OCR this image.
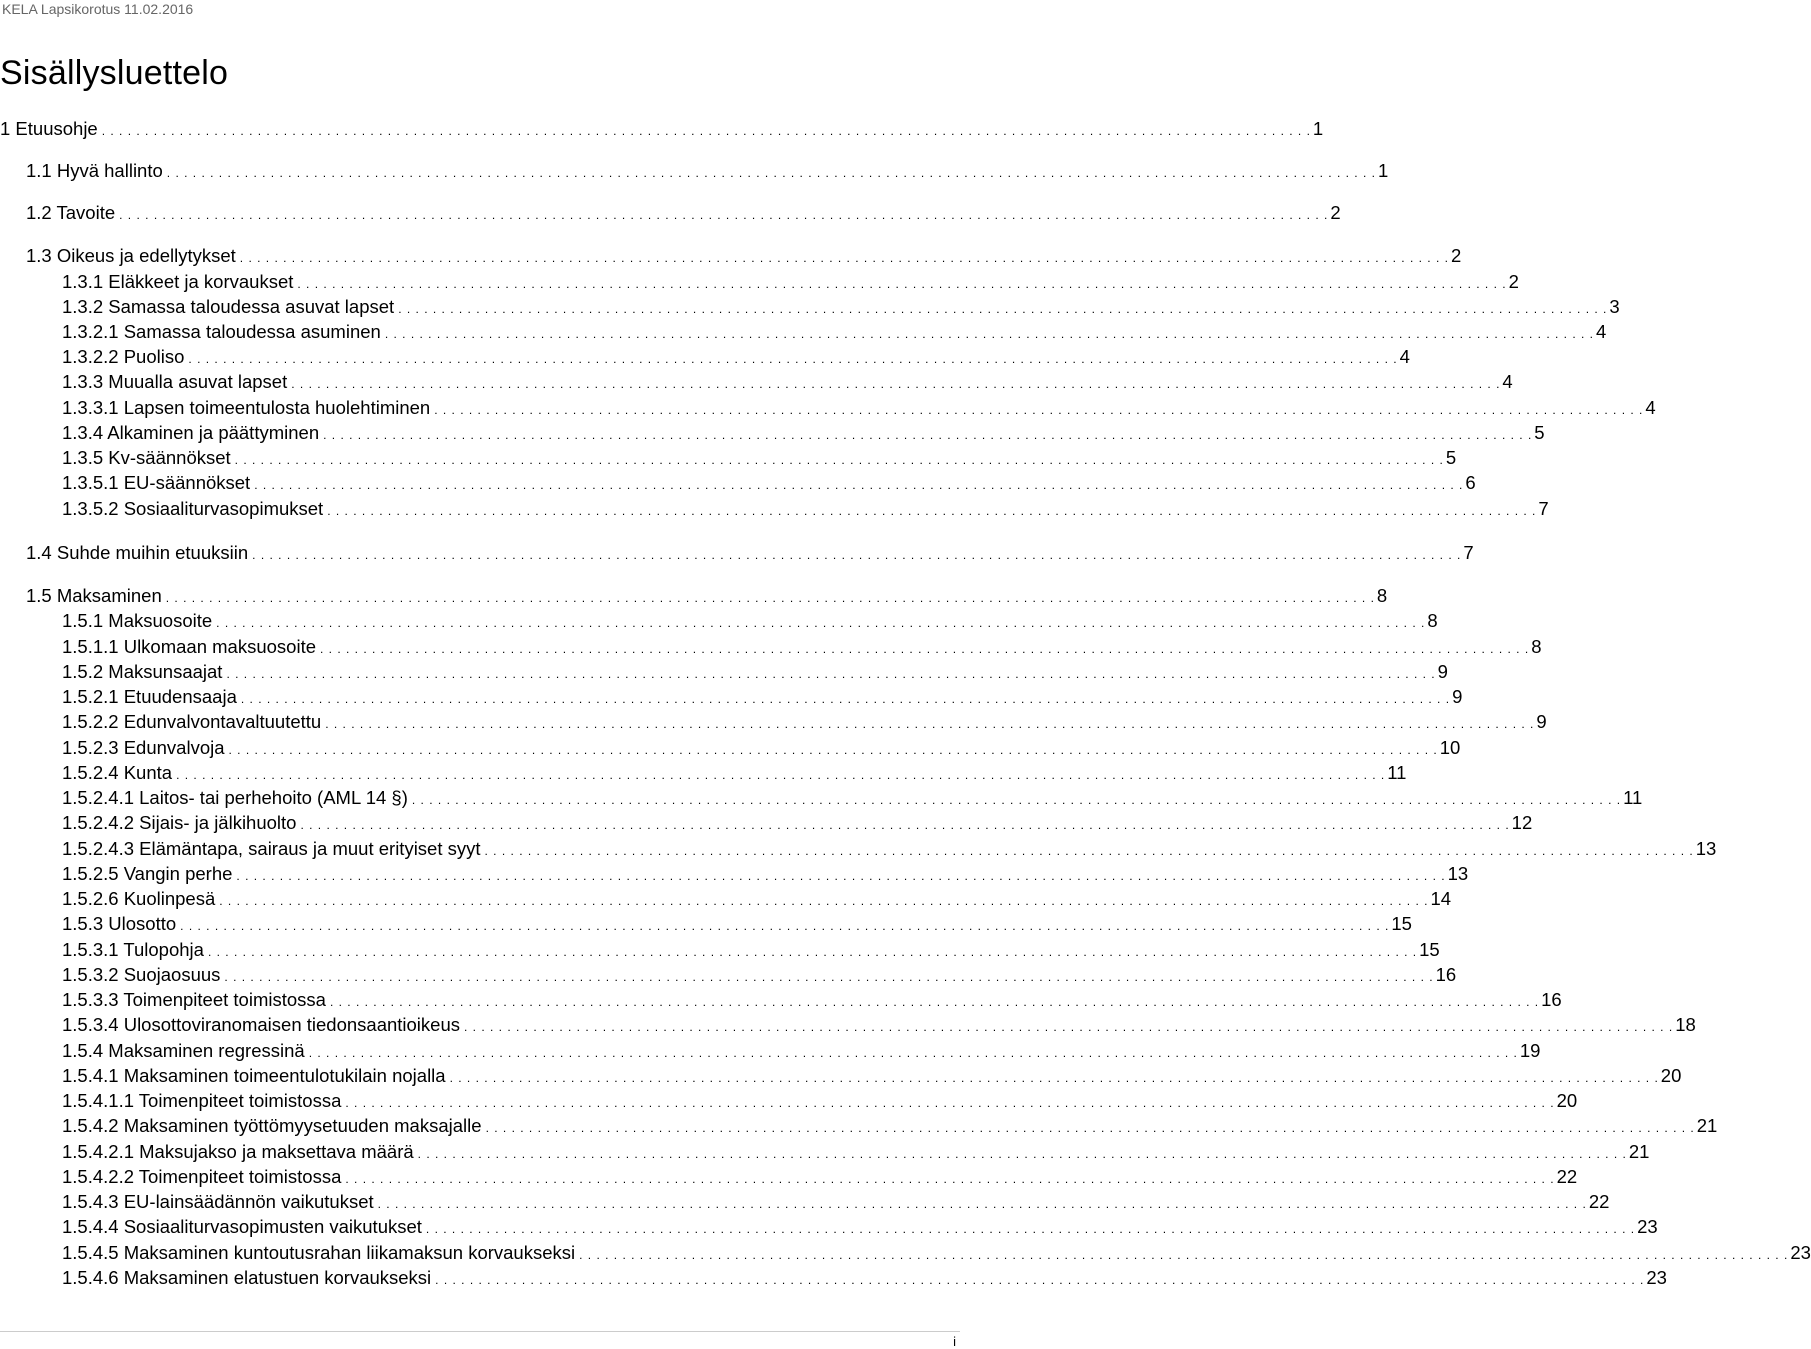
KELA Lapsikorotus 11.02.2016
Sisällysluettelo
1 Etuusohje . . . . . . . . . . . . . . . . . . . . . . . . . . . . . . . . . . . . . . . . . . . . . . . . . . . . . . . . . . . . . . . . . . . . . . . . . . . . . . . . . . . . . . . . . . . . . . . . . . . . . . . . . . . . . . . . . . . . . . . . . . . . . . . . . . . . . . . . . . . . 1
1.1 Hyvä hallinto . . . . . . . . . . . . . . . . . . . . . . . . . . . . . . . . . . . . . . . . . . . . . . . . . . . . . . . . . . . . . . . . . . . . . . . . . . . . . . . . . . . . . . . . . . . . . . . . . . . . . . . . . . . . . . . . . . . . . . . . . . . . . . . . . . . . . . . . . . . . 1
1.2 Tavoite . . . . . . . . . . . . . . . . . . . . . . . . . . . . . . . . . . . . . . . . . . . . . . . . . . . . . . . . . . . . . . . . . . . . . . . . . . . . . . . . . . . . . . . . . . . . . . . . . . . . . . . . . . . . . . . . . . . . . . . . . . . . . . . . . . . . . . . . . . . . 2
1.3 Oikeus ja edellytykset . . . . . . . . . . . . . . . . . . . . . . . . . . . . . . . . . . . . . . . . . . . . . . . . . . . . . . . . . . . . . . . . . . . . . . . . . . . . . . . . . . . . . . . . . . . . . . . . . . . . . . . . . . . . . . . . . . . . . . . . . . . . . . . . . . . . . . . . . . . . 2
1.3.1 Eläkkeet ja korvaukset . . . . . . . . . . . . . . . . . . . . . . . . . . . . . . . . . . . . . . . . . . . . . . . . . . . . . . . . . . . . . . . . . . . . . . . . . . . . . . . . . . . . . . . . . . . . . . . . . . . . . . . . . . . . . . . . . . . . . . . . . . . . . . . . . . . . . . . . . . . . 2
1.3.2 Samassa taloudessa asuvat lapset . . . . . . . . . . . . . . . . . . . . . . . . . . . . . . . . . . . . . . . . . . . . . . . . . . . . . . . . . . . . . . . . . . . . . . . . . . . . . . . . . . . . . . . . . . . . . . . . . . . . . . . . . . . . . . . . . . . . . . . . . . . . . . . . . . . . . . . . . . . . 3
1.3.2.1 Samassa taloudessa asuminen . . . . . . . . . . . . . . . . . . . . . . . . . . . . . . . . . . . . . . . . . . . . . . . . . . . . . . . . . . . . . . . . . . . . . . . . . . . . . . . . . . . . . . . . . . . . . . . . . . . . . . . . . . . . . . . . . . . . . . . . . . . . . . . . . . . . . . . . . . . . 4
1.3.2.2 Puoliso . . . . . . . . . . . . . . . . . . . . . . . . . . . . . . . . . . . . . . . . . . . . . . . . . . . . . . . . . . . . . . . . . . . . . . . . . . . . . . . . . . . . . . . . . . . . . . . . . . . . . . . . . . . . . . . . . . . . . . . . . . . . . . . . . . . . . . . . . . . . 4
1.3.3 Muualla asuvat lapset . . . . . . . . . . . . . . . . . . . . . . . . . . . . . . . . . . . . . . . . . . . . . . . . . . . . . . . . . . . . . . . . . . . . . . . . . . . . . . . . . . . . . . . . . . . . . . . . . . . . . . . . . . . . . . . . . . . . . . . . . . . . . . . . . . . . . . . . . . . . 4
1.3.3.1 Lapsen toimeentulosta huolehtiminen . . . . . . . . . . . . . . . . . . . . . . . . . . . . . . . . . . . . . . . . . . . . . . . . . . . . . . . . . . . . . . . . . . . . . . . . . . . . . . . . . . . . . . . . . . . . . . . . . . . . . . . . . . . . . . . . . . . . . . . . . . . . . . . . . . . . . . . . . . . . 4
1.3.4 Alkaminen ja päättyminen . . . . . . . . . . . . . . . . . . . . . . . . . . . . . . . . . . . . . . . . . . . . . . . . . . . . . . . . . . . . . . . . . . . . . . . . . . . . . . . . . . . . . . . . . . . . . . . . . . . . . . . . . . . . . . . . . . . . . . . . . . . . . . . . . . . . . . . . . . . . 5
1.3.5 Kv-säännökset . . . . . . . . . . . . . . . . . . . . . . . . . . . . . . . . . . . . . . . . . . . . . . . . . . . . . . . . . . . . . . . . . . . . . . . . . . . . . . . . . . . . . . . . . . . . . . . . . . . . . . . . . . . . . . . . . . . . . . . . . . . . . . . . . . . . . . . . . . . . 5
1.3.5.1 EU-säännökset . . . . . . . . . . . . . . . . . . . . . . . . . . . . . . . . . . . . . . . . . . . . . . . . . . . . . . . . . . . . . . . . . . . . . . . . . . . . . . . . . . . . . . . . . . . . . . . . . . . . . . . . . . . . . . . . . . . . . . . . . . . . . . . . . . . . . . . . . . . . 6
1.3.5.2 Sosiaaliturvasopimukset . . . . . . . . . . . . . . . . . . . . . . . . . . . . . . . . . . . . . . . . . . . . . . . . . . . . . . . . . . . . . . . . . . . . . . . . . . . . . . . . . . . . . . . . . . . . . . . . . . . . . . . . . . . . . . . . . . . . . . . . . . . . . . . . . . . . . . . . . . . . 7
1.4 Suhde muihin etuuksiin . . . . . . . . . . . . . . . . . . . . . . . . . . . . . . . . . . . . . . . . . . . . . . . . . . . . . . . . . . . . . . . . . . . . . . . . . . . . . . . . . . . . . . . . . . . . . . . . . . . . . . . . . . . . . . . . . . . . . . . . . . . . . . . . . . . . . . . . . . . . 7
1.5 Maksaminen . . . . . . . . . . . . . . . . . . . . . . . . . . . . . . . . . . . . . . . . . . . . . . . . . . . . . . . . . . . . . . . . . . . . . . . . . . . . . . . . . . . . . . . . . . . . . . . . . . . . . . . . . . . . . . . . . . . . . . . . . . . . . . . . . . . . . . . . . . . . 8
1.5.1 Maksuosoite . . . . . . . . . . . . . . . . . . . . . . . . . . . . . . . . . . . . . . . . . . . . . . . . . . . . . . . . . . . . . . . . . . . . . . . . . . . . . . . . . . . . . . . . . . . . . . . . . . . . . . . . . . . . . . . . . . . . . . . . . . . . . . . . . . . . . . . . . . . . 8
1.5.1.1 Ulkomaan maksuosoite . . . . . . . . . . . . . . . . . . . . . . . . . . . . . . . . . . . . . . . . . . . . . . . . . . . . . . . . . . . . . . . . . . . . . . . . . . . . . . . . . . . . . . . . . . . . . . . . . . . . . . . . . . . . . . . . . . . . . . . . . . . . . . . . . . . . . . . . . . . . 8
1.5.2 Maksunsaajat . . . . . . . . . . . . . . . . . . . . . . . . . . . . . . . . . . . . . . . . . . . . . . . . . . . . . . . . . . . . . . . . . . . . . . . . . . . . . . . . . . . . . . . . . . . . . . . . . . . . . . . . . . . . . . . . . . . . . . . . . . . . . . . . . . . . . . . . . . . . 9
1.5.2.1 Etuudensaaja . . . . . . . . . . . . . . . . . . . . . . . . . . . . . . . . . . . . . . . . . . . . . . . . . . . . . . . . . . . . . . . . . . . . . . . . . . . . . . . . . . . . . . . . . . . . . . . . . . . . . . . . . . . . . . . . . . . . . . . . . . . . . . . . . . . . . . . . . . . . 9
1.5.2.2 Edunvalvontavaltuutettu . . . . . . . . . . . . . . . . . . . . . . . . . . . . . . . . . . . . . . . . . . . . . . . . . . . . . . . . . . . . . . . . . . . . . . . . . . . . . . . . . . . . . . . . . . . . . . . . . . . . . . . . . . . . . . . . . . . . . . . . . . . . . . . . . . . . . . . . . . . . 9
1.5.2.3 Edunvalvoja . . . . . . . . . . . . . . . . . . . . . . . . . . . . . . . . . . . . . . . . . . . . . . . . . . . . . . . . . . . . . . . . . . . . . . . . . . . . . . . . . . . . . . . . . . . . . . . . . . . . . . . . . . . . . . . . . . . . . . . . . . . . . . . . . . . . . . . . . . . . 10
1.5.2.4 Kunta . . . . . . . . . . . . . . . . . . . . . . . . . . . . . . . . . . . . . . . . . . . . . . . . . . . . . . . . . . . . . . . . . . . . . . . . . . . . . . . . . . . . . . . . . . . . . . . . . . . . . . . . . . . . . . . . . . . . . . . . . . . . . . . . . . . . . . . . . . . . 11
1.5.2.4.1 Laitos- tai perhehoito (AML 14 §) . . . . . . . . . . . . . . . . . . . . . . . . . . . . . . . . . . . . . . . . . . . . . . . . . . . . . . . . . . . . . . . . . . . . . . . . . . . . . . . . . . . . . . . . . . . . . . . . . . . . . . . . . . . . . . . . . . . . . . . . . . . . . . . . . . . . . . . . . . . . 11
1.5.2.4.2 Sijais- ja jälkihuolto . . . . . . . . . . . . . . . . . . . . . . . . . . . . . . . . . . . . . . . . . . . . . . . . . . . . . . . . . . . . . . . . . . . . . . . . . . . . . . . . . . . . . . . . . . . . . . . . . . . . . . . . . . . . . . . . . . . . . . . . . . . . . . . . . . . . . . . . . . . . 12
1.5.2.4.3 Elämäntapa, sairaus ja muut erityiset syyt . . . . . . . . . . . . . . . . . . . . . . . . . . . . . . . . . . . . . . . . . . . . . . . . . . . . . . . . . . . . . . . . . . . . . . . . . . . . . . . . . . . . . . . . . . . . . . . . . . . . . . . . . . . . . . . . . . . . . . . . . . . . . . . . . . . . . . . . . . . . 13
1.5.2.5 Vangin perhe . . . . . . . . . . . . . . . . . . . . . . . . . . . . . . . . . . . . . . . . . . . . . . . . . . . . . . . . . . . . . . . . . . . . . . . . . . . . . . . . . . . . . . . . . . . . . . . . . . . . . . . . . . . . . . . . . . . . . . . . . . . . . . . . . . . . . . . . . . . . 13
1.5.2.6 Kuolinpesä . . . . . . . . . . . . . . . . . . . . . . . . . . . . . . . . . . . . . . . . . . . . . . . . . . . . . . . . . . . . . . . . . . . . . . . . . . . . . . . . . . . . . . . . . . . . . . . . . . . . . . . . . . . . . . . . . . . . . . . . . . . . . . . . . . . . . . . . . . . . 14
1.5.3 Ulosotto . . . . . . . . . . . . . . . . . . . . . . . . . . . . . . . . . . . . . . . . . . . . . . . . . . . . . . . . . . . . . . . . . . . . . . . . . . . . . . . . . . . . . . . . . . . . . . . . . . . . . . . . . . . . . . . . . . . . . . . . . . . . . . . . . . . . . . . . . . . . 15
1.5.3.1 Tulopohja . . . . . . . . . . . . . . . . . . . . . . . . . . . . . . . . . . . . . . . . . . . . . . . . . . . . . . . . . . . . . . . . . . . . . . . . . . . . . . . . . . . . . . . . . . . . . . . . . . . . . . . . . . . . . . . . . . . . . . . . . . . . . . . . . . . . . . . . . . . . 15
1.5.3.2 Suojaosuus . . . . . . . . . . . . . . . . . . . . . . . . . . . . . . . . . . . . . . . . . . . . . . . . . . . . . . . . . . . . . . . . . . . . . . . . . . . . . . . . . . . . . . . . . . . . . . . . . . . . . . . . . . . . . . . . . . . . . . . . . . . . . . . . . . . . . . . . . . . . 16
1.5.3.3 Toimenpiteet toimistossa . . . . . . . . . . . . . . . . . . . . . . . . . . . . . . . . . . . . . . . . . . . . . . . . . . . . . . . . . . . . . . . . . . . . . . . . . . . . . . . . . . . . . . . . . . . . . . . . . . . . . . . . . . . . . . . . . . . . . . . . . . . . . . . . . . . . . . . . . . . . 16
1.5.3.4 Ulosottoviranomaisen tiedonsaantioikeus . . . . . . . . . . . . . . . . . . . . . . . . . . . . . . . . . . . . . . . . . . . . . . . . . . . . . . . . . . . . . . . . . . . . . . . . . . . . . . . . . . . . . . . . . . . . . . . . . . . . . . . . . . . . . . . . . . . . . . . . . . . . . . . . . . . . . . . . . . . . 18
1.5.4 Maksaminen regressinä . . . . . . . . . . . . . . . . . . . . . . . . . . . . . . . . . . . . . . . . . . . . . . . . . . . . . . . . . . . . . . . . . . . . . . . . . . . . . . . . . . . . . . . . . . . . . . . . . . . . . . . . . . . . . . . . . . . . . . . . . . . . . . . . . . . . . . . . . . . . 19
1.5.4.1 Maksaminen toimeentulotukilain nojalla . . . . . . . . . . . . . . . . . . . . . . . . . . . . . . . . . . . . . . . . . . . . . . . . . . . . . . . . . . . . . . . . . . . . . . . . . . . . . . . . . . . . . . . . . . . . . . . . . . . . . . . . . . . . . . . . . . . . . . . . . . . . . . . . . . . . . . . . . . . . 20
1.5.4.1.1 Toimenpiteet toimistossa . . . . . . . . . . . . . . . . . . . . . . . . . . . . . . . . . . . . . . . . . . . . . . . . . . . . . . . . . . . . . . . . . . . . . . . . . . . . . . . . . . . . . . . . . . . . . . . . . . . . . . . . . . . . . . . . . . . . . . . . . . . . . . . . . . . . . . . . . . . . 20
1.5.4.2 Maksaminen työttömyysetuuden maksajalle . . . . . . . . . . . . . . . . . . . . . . . . . . . . . . . . . . . . . . . . . . . . . . . . . . . . . . . . . . . . . . . . . . . . . . . . . . . . . . . . . . . . . . . . . . . . . . . . . . . . . . . . . . . . . . . . . . . . . . . . . . . . . . . . . . . . . . . . . . . . 21
1.5.4.2.1 Maksujakso ja maksettava määrä . . . . . . . . . . . . . . . . . . . . . . . . . . . . . . . . . . . . . . . . . . . . . . . . . . . . . . . . . . . . . . . . . . . . . . . . . . . . . . . . . . . . . . . . . . . . . . . . . . . . . . . . . . . . . . . . . . . . . . . . . . . . . . . . . . . . . . . . . . . . 21
1.5.4.2.2 Toimenpiteet toimistossa . . . . . . . . . . . . . . . . . . . . . . . . . . . . . . . . . . . . . . . . . . . . . . . . . . . . . . . . . . . . . . . . . . . . . . . . . . . . . . . . . . . . . . . . . . . . . . . . . . . . . . . . . . . . . . . . . . . . . . . . . . . . . . . . . . . . . . . . . . . . 22
1.5.4.3 EU-lainsäädännön vaikutukset . . . . . . . . . . . . . . . . . . . . . . . . . . . . . . . . . . . . . . . . . . . . . . . . . . . . . . . . . . . . . . . . . . . . . . . . . . . . . . . . . . . . . . . . . . . . . . . . . . . . . . . . . . . . . . . . . . . . . . . . . . . . . . . . . . . . . . . . . . . . 22
1.5.4.4 Sosiaaliturvasopimusten vaikutukset . . . . . . . . . . . . . . . . . . . . . . . . . . . . . . . . . . . . . . . . . . . . . . . . . . . . . . . . . . . . . . . . . . . . . . . . . . . . . . . . . . . . . . . . . . . . . . . . . . . . . . . . . . . . . . . . . . . . . . . . . . . . . . . . . . . . . . . . . . . . 23
1.5.4.5 Maksaminen kuntoutusrahan liikamaksun korvaukseksi . . . . . . . . . . . . . . . . . . . . . . . . . . . . . . . . . . . . . . . . . . . . . . . . . . . . . . . . . . . . . . . . . . . . . . . . . . . . . . . . . . . . . . . . . . . . . . . . . . . . . . . . . . . . . . . . . . . . . . . . . . . . . . . . . . . . . . . . . . . . 23
1.5.4.6 Maksaminen elatustuen korvaukseksi . . . . . . . . . . . . . . . . . . . . . . . . . . . . . . . . . . . . . . . . . . . . . . . . . . . . . . . . . . . . . . . . . . . . . . . . . . . . . . . . . . . . . . . . . . . . . . . . . . . . . . . . . . . . . . . . . . . . . . . . . . . . . . . . . . . . . . . . . . . . 23
i
